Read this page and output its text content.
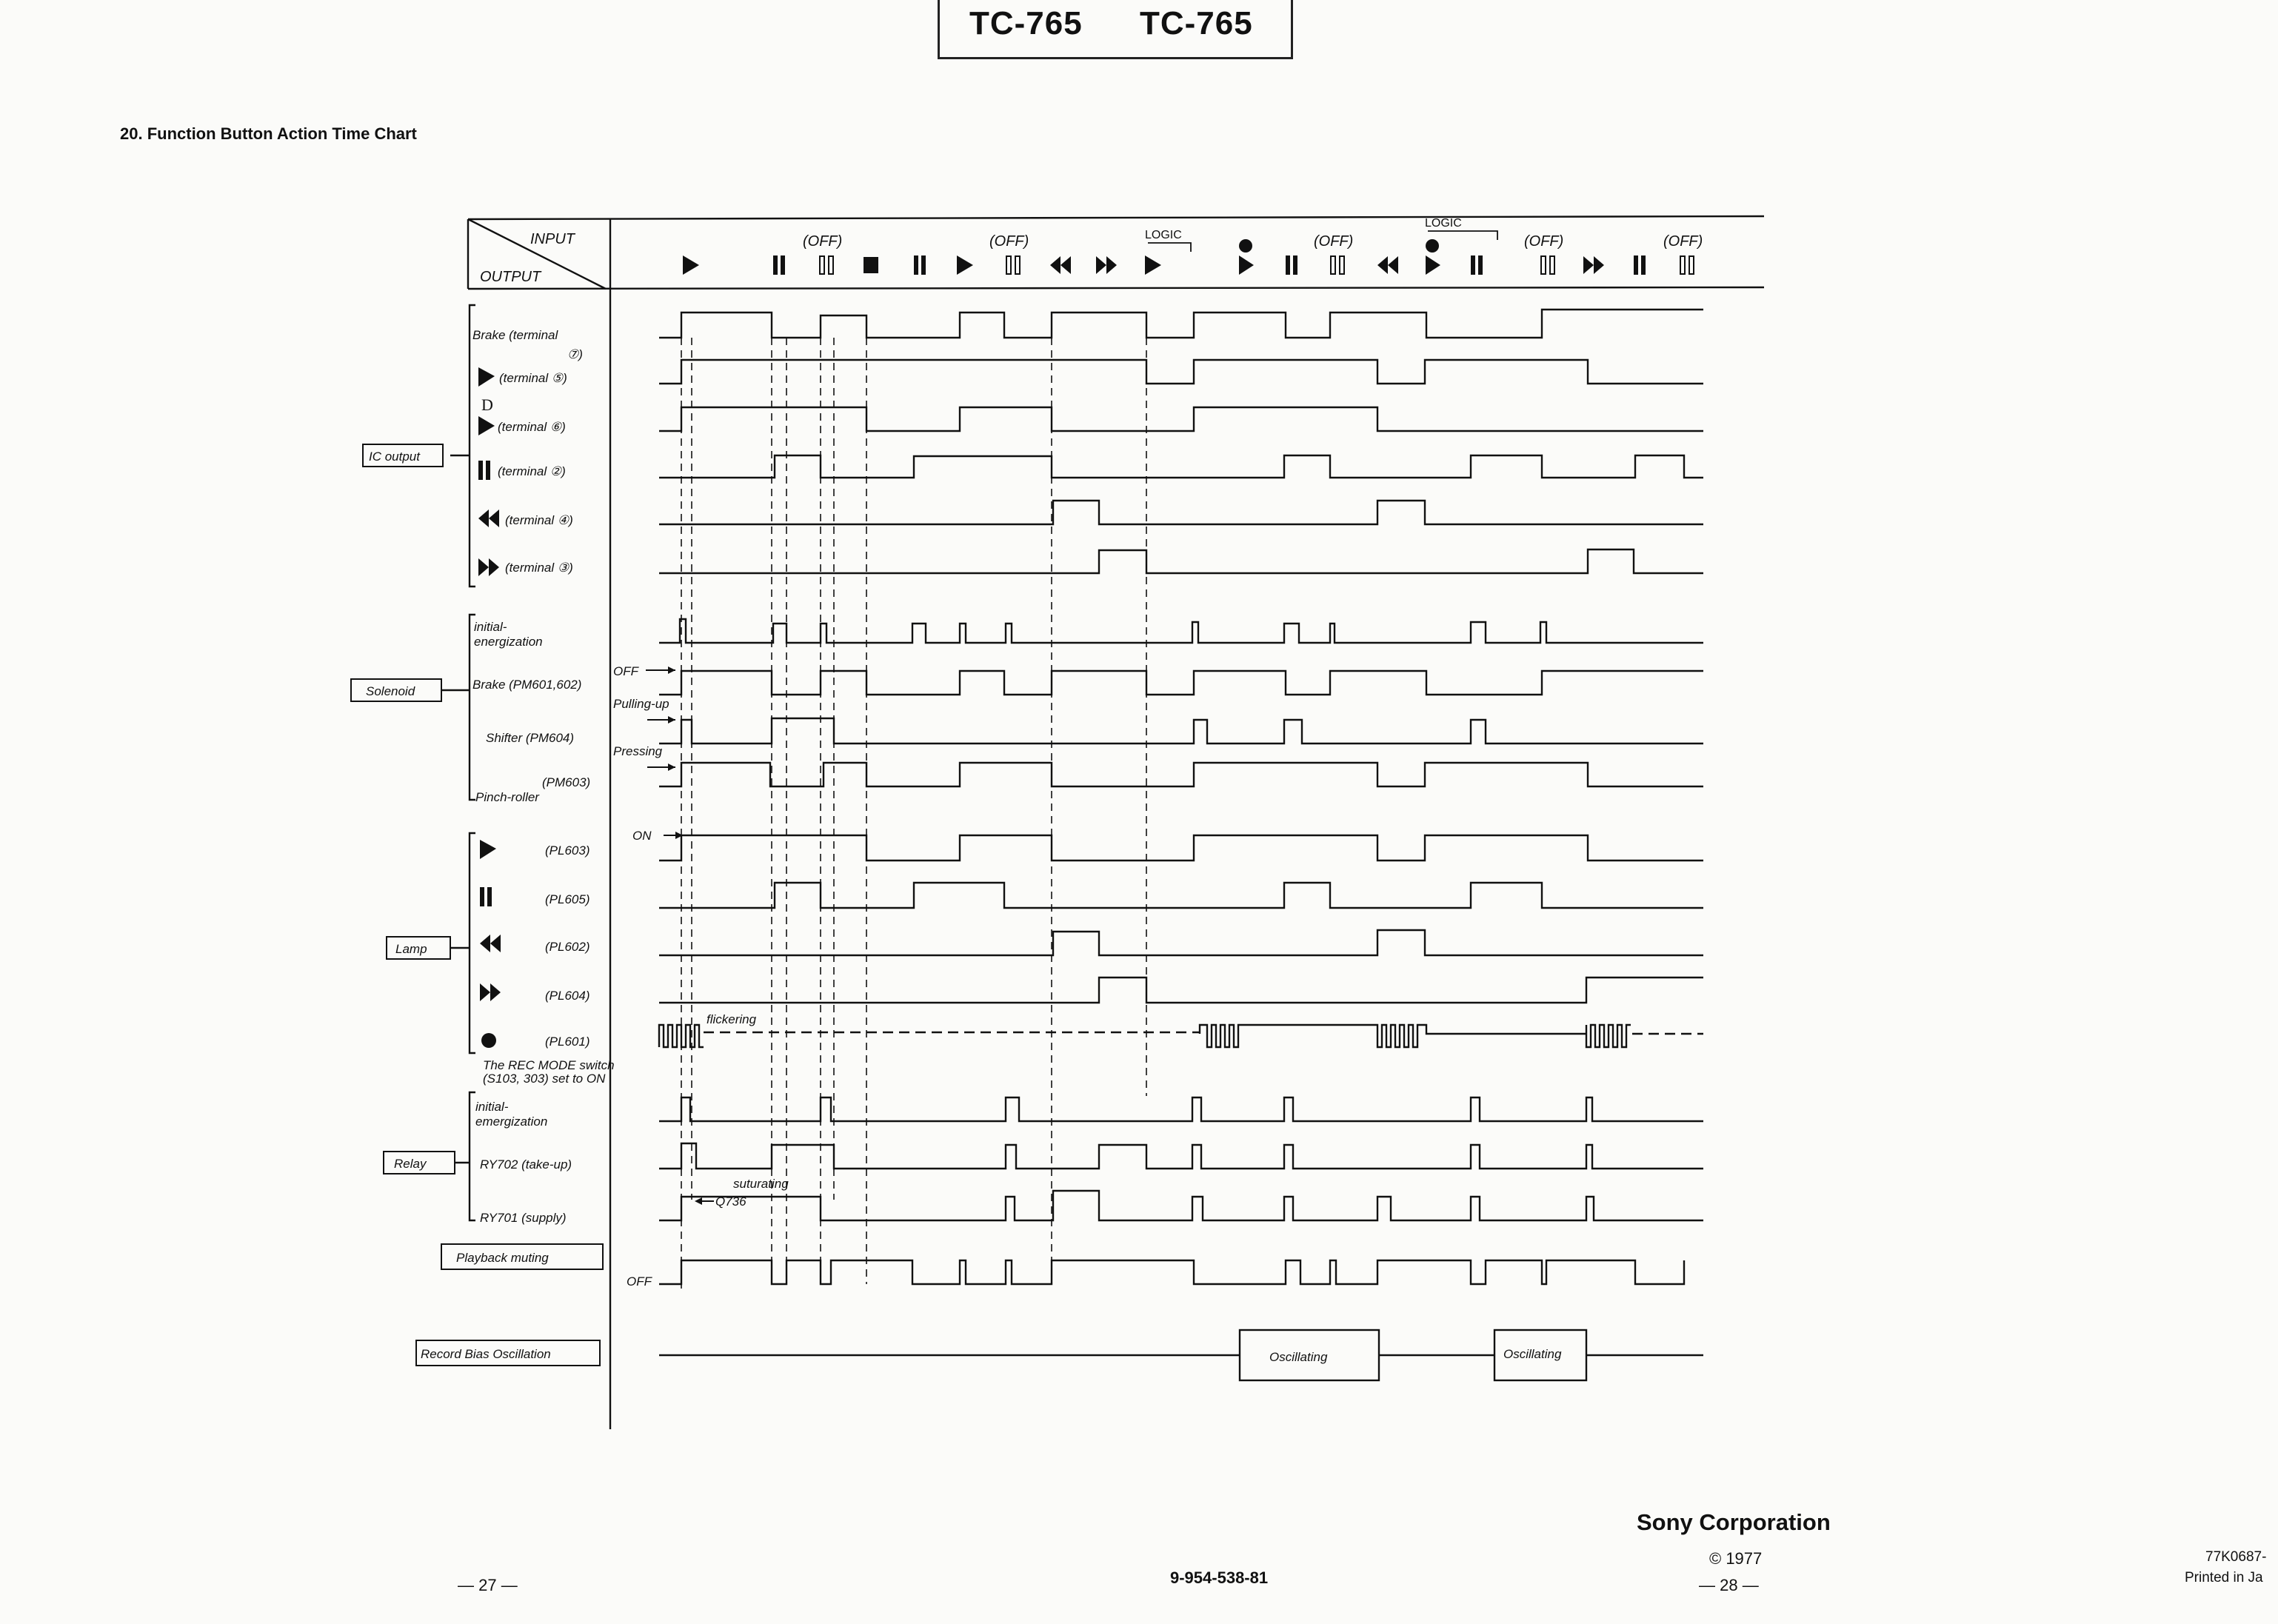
TC-765 TC-765
20. Function Button Action Time Chart
(OFF)	(OFF)	LOGIC	(OFF)
LOGIC
(OFF)	(OFF)
INPUT
OUTPUT
IC output
Solenoid
Lamp
Relay
Playback muting
Record Bias Oscillation
Brake (terminal
⑦)
(terminal ⑤)
D
(terminal ⑥)
(terminal ②)
(terminal ④)
(terminal ③)
initial-
energization
Brake (PM601,602)
Shifter (PM604)
(PM603)
Pinch-roller
(PL603)
(PL605)
(PL602)
(PL604)
(PL601)
The REC MODE switch
(S103, 303) set to ON
initial-
emergization
RY702 (take-up)
RY701 (supply)
OFF
Pulling-up
Pressing
ON
flickering
suturating
Q736
OFF
Oscillating	Oscillating
— 27 —	9-954-538-81
Sony Corporation
© 1977
— 28 —
77K0687-
Printed in Ja
